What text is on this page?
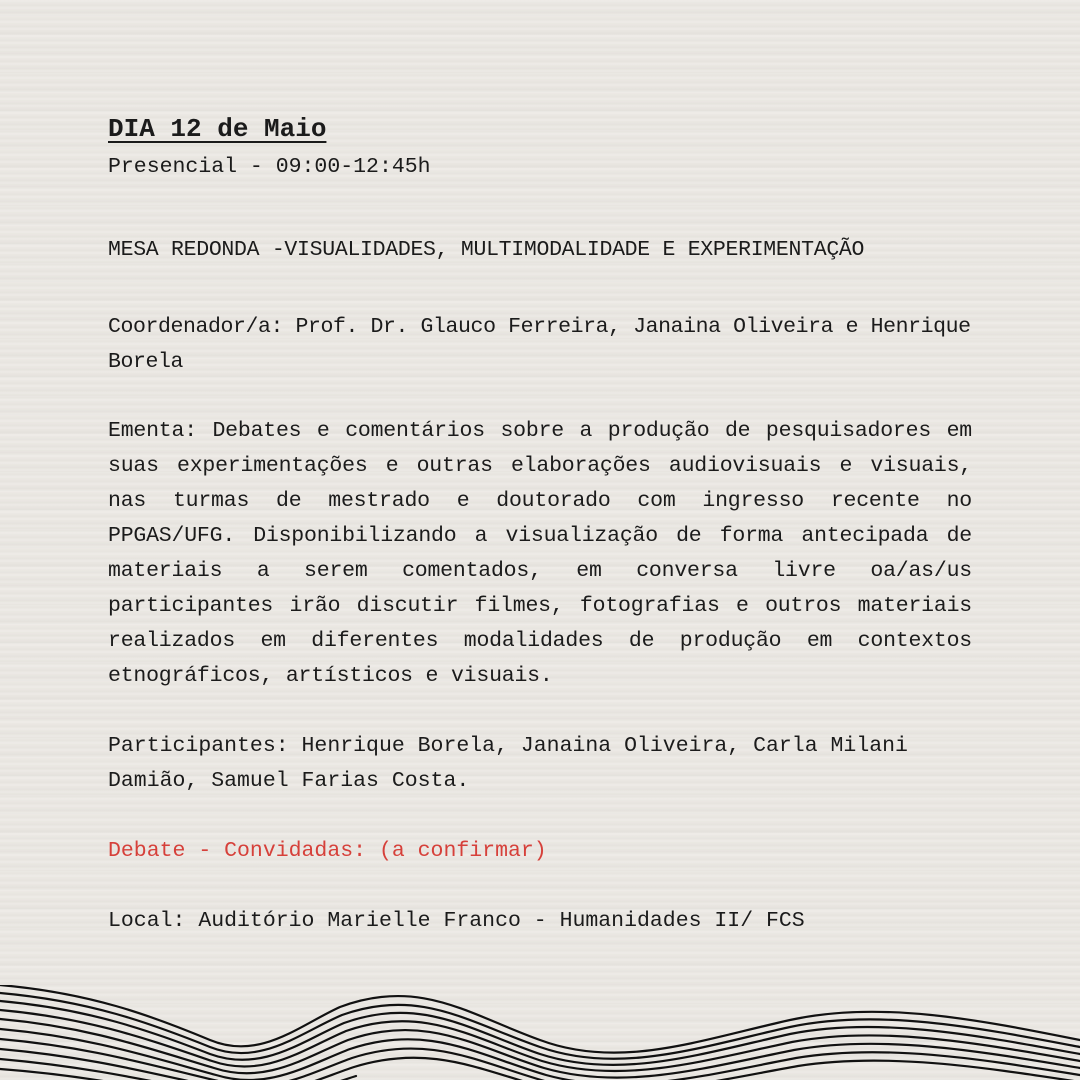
DIA 12 de Maio

Presencial - 09:00-12:45h

MESA REDONDA -VISUALIDADES, MULTIMODALIDADE E EXPERIMENTAÇÃO

Coordenador/a: Prof. Dr. Glauco Ferreira, Janaina Oliveira e Henrique Borela

Ementa: Debates e comentários sobre a produção de pesquisadores em suas experimentações e outras elaborações audiovisuais e visuais, nas turmas de mestrado e doutorado com ingresso recente no PPGAS/UFG. Disponibilizando a visualização de forma antecipada de materiais a serem comentados, em conversa livre oa/as/us participantes irão discutir filmes, fotografias e outros materiais realizados em diferentes modalidades de produção em contextos etnográficos, artísticos e visuais.

Participantes: Henrique Borela, Janaina Oliveira, Carla Milani Damião, Samuel Farias Costa.

Debate - Convidadas: (a confirmar)

Local: Auditório Marielle Franco - Humanidades II/ FCS
